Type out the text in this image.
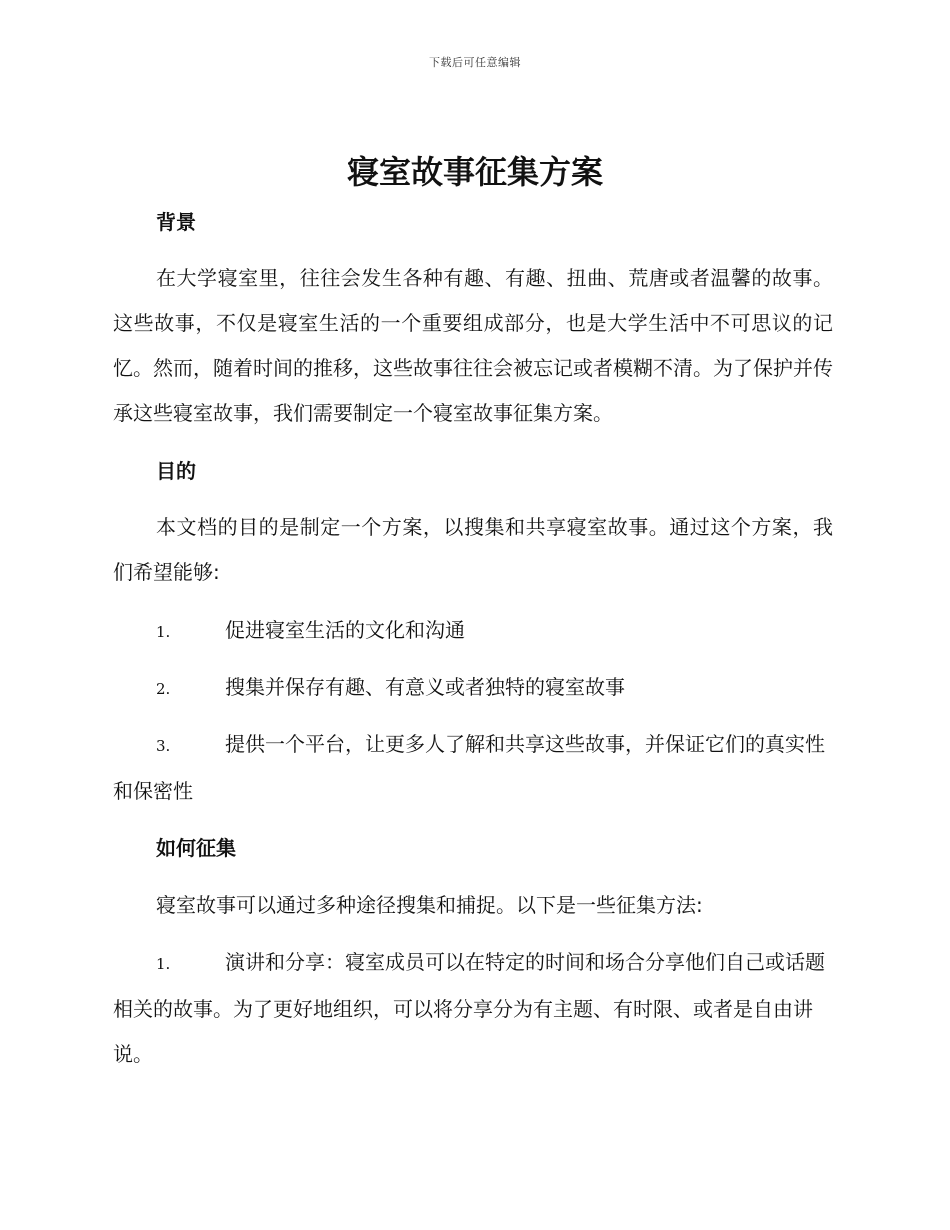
下载后可任意编辑
寝室故事征集方案
背景

在大学寝室里，往往会发生各种有趣、有趣、扭曲、荒唐或者温馨的故事。这些故事，不仅是寝室生活的一个重要组成部分，也是大学生活中不可思议的记忆。然而，随着时间的推移，这些故事往往会被忘记或者模糊不清。为了保护并传承这些寝室故事，我们需要制定一个寝室故事征集方案。

目的

本文档的目的是制定一个方案，以搜集和共享寝室故事。通过这个方案，我们希望能够:

1.	促进寝室生活的文化和沟通
2.	搜集并保存有趣、有意义或者独特的寝室故事
3.	提供一个平台，让更多人了解和共享这些故事，并保证它们的真实性和保密性
如何征集

寝室故事可以通过多种途径搜集和捕捉。以下是一些征集方法:

1.	演讲和分享：寝室成员可以在特定的时间和场合分享他们自己或话题相关的故事。为了更好地组织，可以将分享分为有主题、有时限、或者是自由讲说。
